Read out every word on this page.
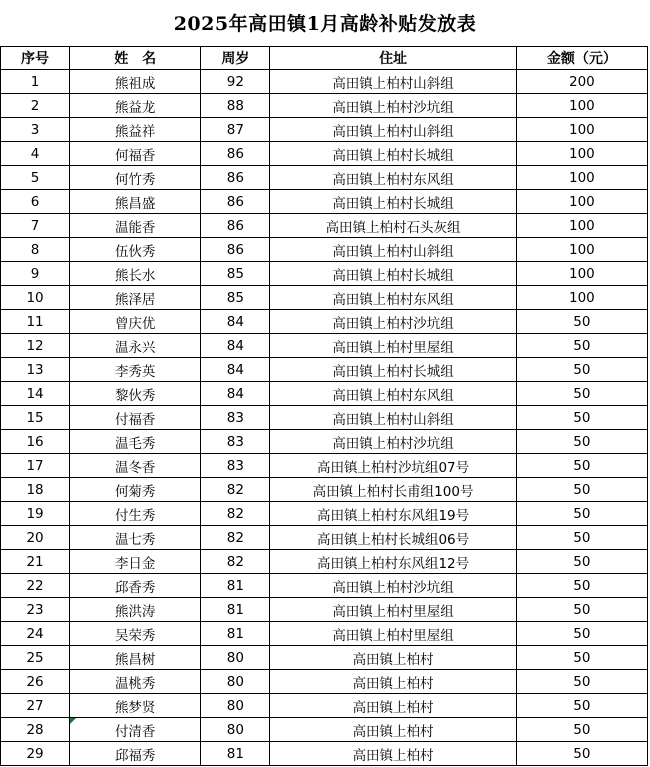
2025年高田镇1月高龄补贴发放表
序号	姓　名	周岁	住址	金额（元）
1	熊祖成	92	高田镇上柏村山斜组	200
2	熊益龙	88	高田镇上柏村沙坑组	100
3	熊益祥	87	高田镇上柏村山斜组	100
4	何福香	86	高田镇上柏村长城组	100
5	何竹秀	86	高田镇上柏村东风组	100
6	熊昌盛	86	高田镇上柏村长城组	100
7	温能香	86	高田镇上柏村石头灰组	100
8	伍伙秀	86	高田镇上柏村山斜组	100
9	熊长水	85	高田镇上柏村长城组	100
10	熊泽居	85	高田镇上柏村东风组	100
11	曾庆优	84	高田镇上柏村沙坑组	50
12	温永兴	84	高田镇上柏村里屋组	50
13	李秀英	84	高田镇上柏村长城组	50
14	黎伙秀	84	高田镇上柏村东风组	50
15	付福香	83	高田镇上柏村山斜组	50
16	温毛秀	83	高田镇上柏村沙坑组	50
17	温冬香	83	高田镇上柏村沙坑组07号	50
18	何菊秀	82	高田镇上柏村长甫组100号	50
19	付生秀	82	高田镇上柏村东风组19号	50
20	温七秀	82	高田镇上柏村长城组06号	50
21	李日金	82	高田镇上柏村东风组12号	50
22	邱香秀	81	高田镇上柏村沙坑组	50
23	熊洪涛	81	高田镇上柏村里屋组	50
24	吴荣秀	81	高田镇上柏村里屋组	50
25	熊昌树	80	高田镇上柏村	50
26	温桃秀	80	高田镇上柏村	50
27	熊梦贤	80	高田镇上柏村	50
28	付清香	80	高田镇上柏村	50
29	邱福秀	81	高田镇上柏村	50
